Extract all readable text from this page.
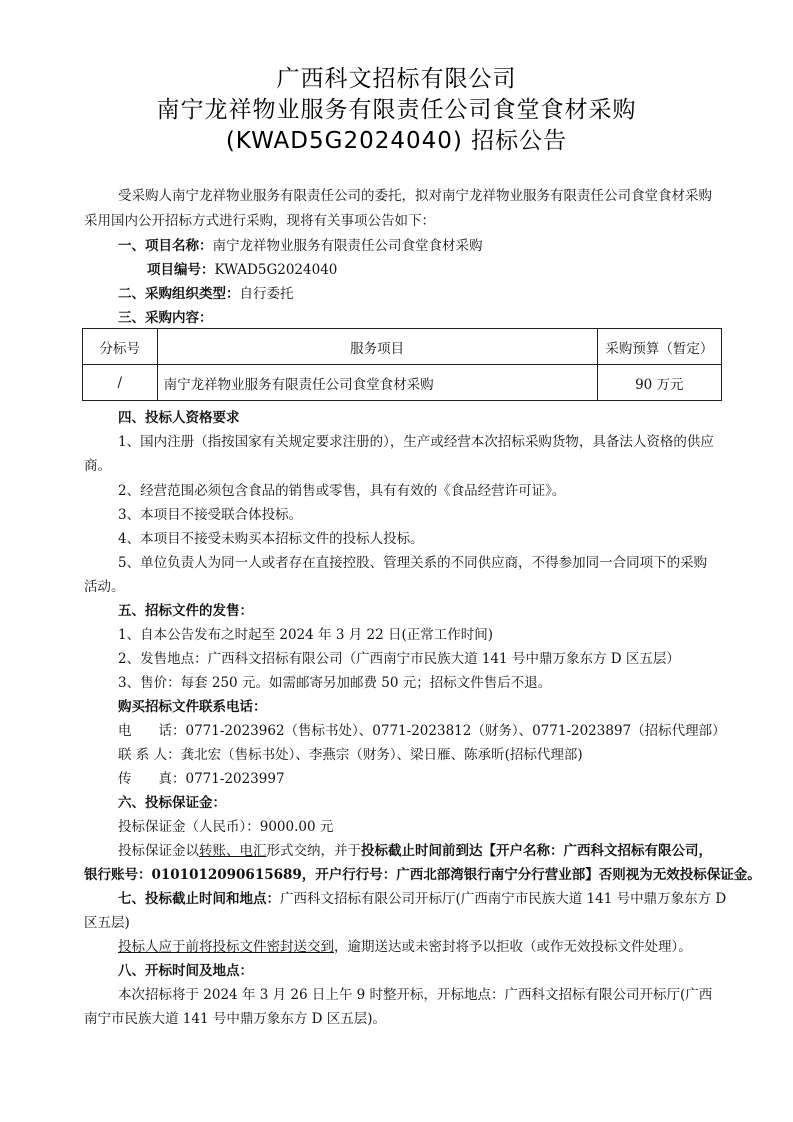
广西科文招标有限公司
南宁龙祥物业服务有限责任公司食堂食材采购
(KWAD5G2024040) 招标公告
受采购人南宁龙祥物业服务有限责任公司的委托，拟对南宁龙祥物业服务有限责任公司食堂食材采购
采用国内公开招标方式进行采购，现将有关事项公告如下：
一、项目名称：南宁龙祥物业服务有限责任公司食堂食材采购
项目编号：KWAD5G2024040
二、采购组织类型：自行委托
三、采购内容：
分标号	服务项目	采购预算（暂定）
/	南宁龙祥物业服务有限责任公司食堂食材采购	90 万元
四、投标人资格要求
1、国内注册（指按国家有关规定要求注册的），生产或经营本次招标采购货物，具备法人资格的供应
商。
2、经营范围必须包含食品的销售或零售，具有有效的《食品经营许可证》。
3、本项目不接受联合体投标。
4、本项目不接受未购买本招标文件的投标人投标。
5、单位负责人为同一人或者存在直接控股、管理关系的不同供应商，不得参加同一合同项下的采购
活动。
五、招标文件的发售：
1、自本公告发布之时起至 2024 年 3 月 22 日(正常工作时间)
2、发售地点：广西科文招标有限公司（广西南宁市民族大道 141 号中鼎万象东方 D 区五层）
3、售价：每套 250 元。如需邮寄另加邮费 50 元；招标文件售后不退。
购买招标文件联系电话：
电　　话：0771-2023962（售标书处）、0771-2023812（财务）、0771-2023897（招标代理部）
联 系 人：龚北宏（售标书处）、李燕宗（财务）、梁日雁、陈承昕(招标代理部)
传　　真：0771-2023997
六、投标保证金：
投标保证金（人民币）：9000.00 元
投标保证金以转账、电汇形式交纳，并于投标截止时间前到达【开户名称：广西科文招标有限公司，
银行账号：0101012090615689，开户行行号：广西北部湾银行南宁分行营业部】否则视为无效投标保证金。
七、投标截止时间和地点：广西科文招标有限公司开标厅(广西南宁市民族大道 141 号中鼎万象东方 D
区五层)
投标人应于前将投标文件密封送交到，逾期送达或未密封将予以拒收（或作无效投标文件处理）。
八、开标时间及地点：
本次招标将于 2024 年 3 月 26 日上午 9 时整开标，开标地点：广西科文招标有限公司开标厅(广西
南宁市民族大道 141 号中鼎万象东方 D 区五层)。
